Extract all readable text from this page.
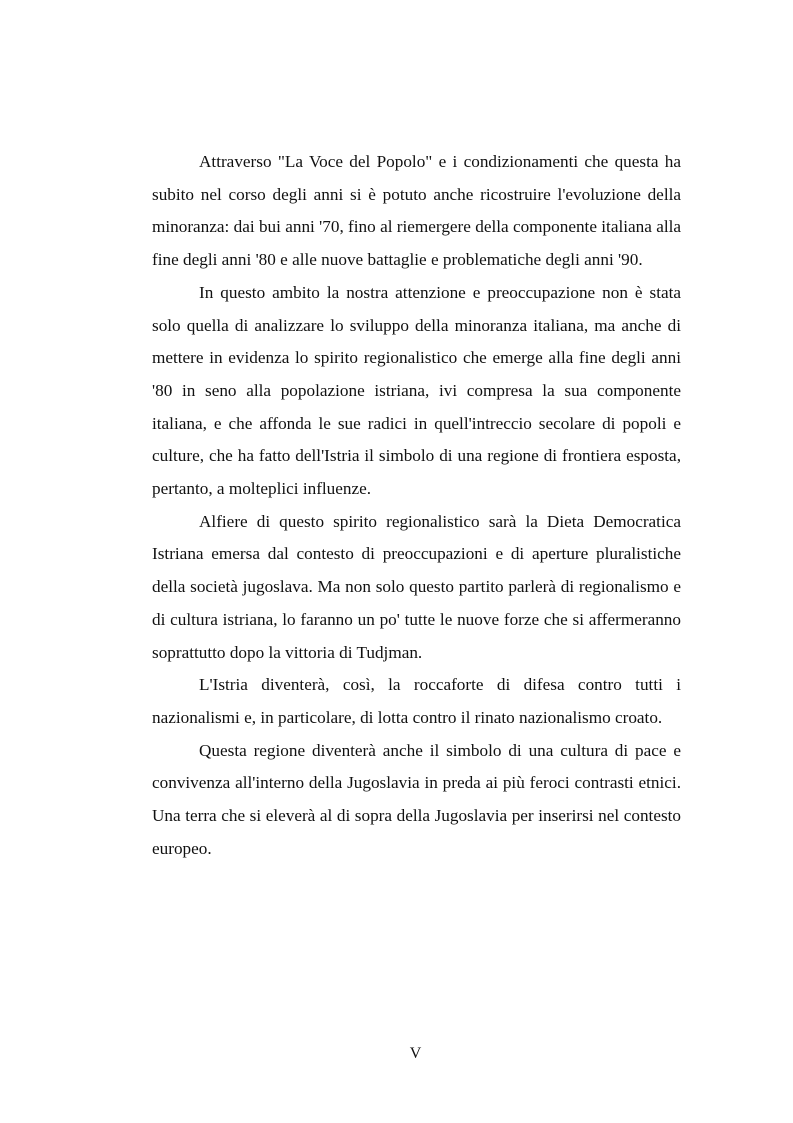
Attraverso "La Voce del Popolo" e i condizionamenti che questa ha subito nel corso degli anni si è potuto anche ricostruire l'evoluzione della minoranza: dai bui anni '70, fino al riemergere della componente italiana alla fine degli anni '80 e alle nuove battaglie e problematiche degli anni '90.

In questo ambito la nostra attenzione e preoccupazione non è stata solo quella di analizzare lo sviluppo della minoranza italiana, ma anche di mettere in evidenza lo spirito regionalistico che emerge alla fine degli anni '80 in seno alla popolazione istriana, ivi compresa la sua componente italiana, e che affonda le sue radici in quell'intreccio secolare di popoli e culture, che ha fatto dell'Istria il simbolo di una regione di frontiera esposta, pertanto, a molteplici influenze.

Alfiere di questo spirito regionalistico sarà la Dieta Democratica Istriana emersa dal contesto di preoccupazioni e di aperture pluralistiche della società jugoslava. Ma non solo questo partito parlerà di regionalismo e di cultura istriana, lo faranno un po' tutte le nuove forze che si affermeranno soprattutto dopo la vittoria di Tudjman.

L'Istria diventerà, così, la roccaforte di difesa contro tutti i nazionalismi e, in particolare, di lotta contro il rinato nazionalismo croato.

Questa regione diventerà anche il simbolo di una cultura di pace e convivenza all'interno della Jugoslavia in preda ai più feroci contrasti etnici. Una terra che si eleverà al di sopra della Jugoslavia per inserirsi nel contesto europeo.

V
